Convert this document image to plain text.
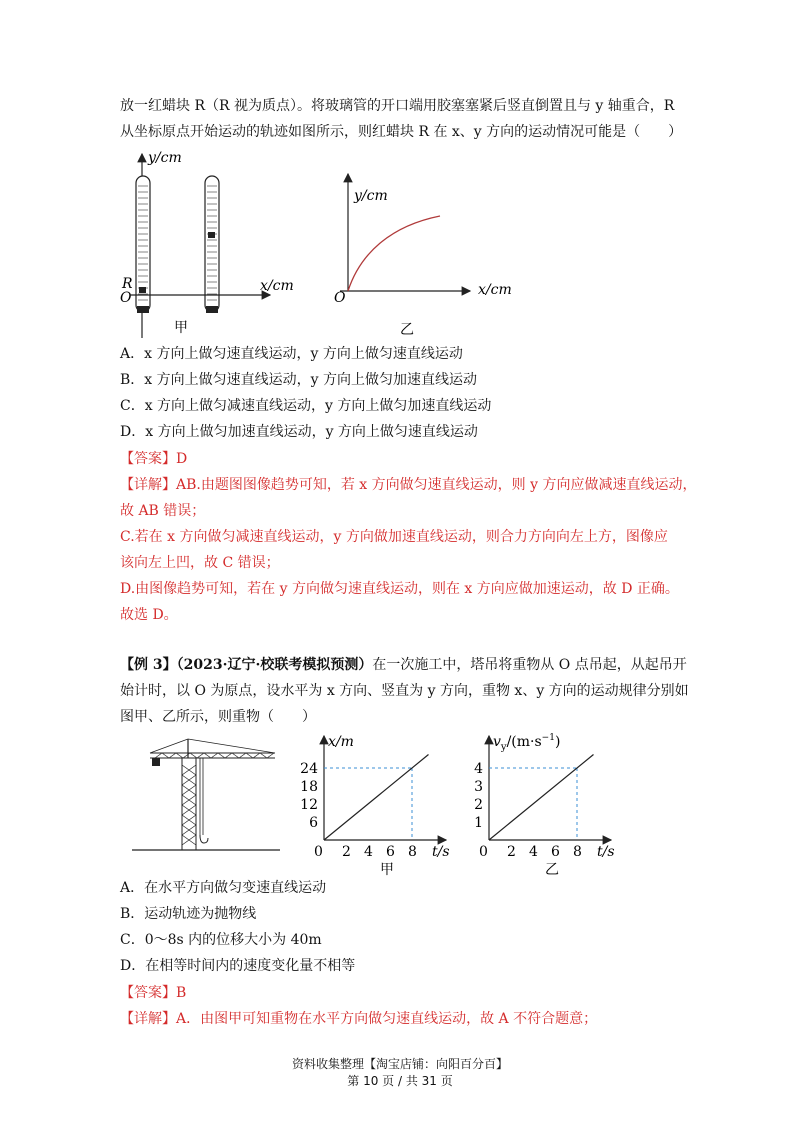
放一红蜡块 R（R 视为质点）。将玻璃管的开口端用胶塞塞紧后竖直倒置且与 y 轴重合，R
从坐标原点开始运动的轨迹如图所示，则红蜡块 R 在 x、y 方向的运动情况可能是（　　）
y/cm
R
O
x/cm
甲
y/cm
x/cm
O
乙
A．x 方向上做匀速直线运动，y 方向上做匀速直线运动
B．x 方向上做匀速直线运动，y 方向上做匀加速直线运动
C．x 方向上做匀减速直线运动，y 方向上做匀加速直线运动
D．x 方向上做匀加速直线运动，y 方向上做匀速直线运动
【答案】D
【详解】AB.由题图图像趋势可知，若 x 方向做匀速直线运动，则 y 方向应做减速直线运动，
故 AB 错误；
C.若在 x 方向做匀减速直线运动，y 方向做加速直线运动，则合力方向向左上方，图像应
该向左上凹，故 C 错误；
D.由图像趋势可知，若在 y 方向做匀速直线运动，则在 x 方向应做加速运动，故 D 正确。
故选 D。
【例 3】（2023·辽宁·校联考模拟预测）在一次施工中，塔吊将重物从 O 点吊起，从起吊开
始计时，以 O 为原点，设水平为 x 方向、竖直为 y 方向，重物 x、y 方向的运动规律分别如
图甲、乙所示，则重物（　　）
0 2 4 6 8
6
12
18
24
x/m
t/s
甲
0 2 4 6 8
1
2
3
4
$v_y/(m\cdot s^{-1})$
t/s
乙
A．在水平方向做匀变速直线运动
B．运动轨迹为抛物线
C．0～8s 内的位移大小为 40m
D．在相等时间内的速度变化量不相等
【答案】B
【详解】A．由图甲可知重物在水平方向做匀速直线运动，故 A 不符合题意；
资料收集整理【淘宝店铺：向阳百分百】
第 10 页 / 共 31 页
